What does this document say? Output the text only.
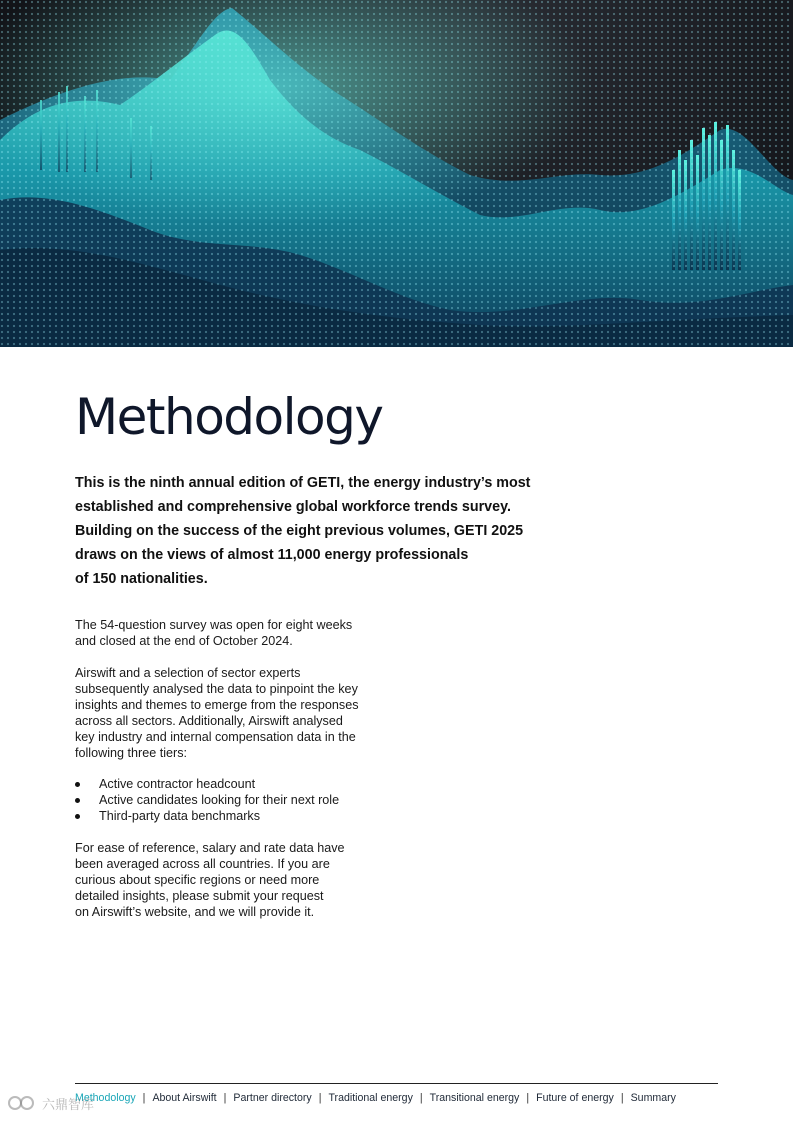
Methodology
This is the ninth annual edition of GETI, the energy industry’s most
established and comprehensive global workforce trends survey.
Building on the success of the eight previous volumes, GETI 2025
draws on the views of almost 11,000 energy professionals
of 150 nationalities.
The 54-question survey was open for eight weeks
and closed at the end of October 2024.
Airswift and a selection of sector experts
subsequently analysed the data to pinpoint the key
insights and themes to emerge from the responses
across all sectors. Additionally, Airswift analysed
key industry and internal compensation data in the
following three tiers:
Active contractor headcount
Active candidates looking for their next role
Third-party data benchmarks
For ease of reference, salary and rate data have
been averaged across all countries. If you are
curious about specific regions or need more
detailed insights, please submit your request
on Airswift’s website, and we will provide it.
Methodology | About Airswift | Partner directory | Traditional energy | Transitional energy | Future of energy | Summary
六鼎智库
